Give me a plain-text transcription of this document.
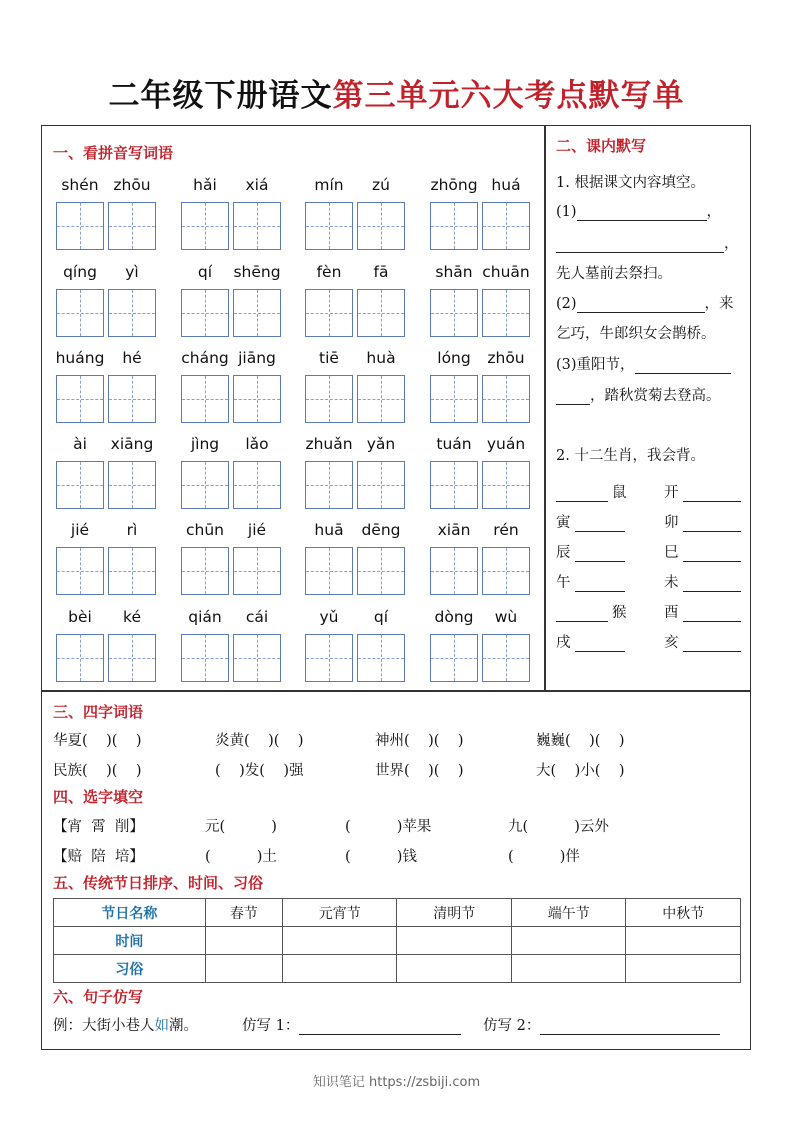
二年级下册语文第三单元六大考点默写单
一、看拼音写词语
shén zhōu	hǎi	xiá	mín	zú	zhōng huá
qíng	yì	qí	shēng	fèn	fā	shān chuān
huáng	hé	cháng jiāng	tiē	huà	lóng	zhōu
ài	xiāng	jìng	lǎo	zhuǎn yǎn	tuán yuán
jié	rì	chūn	jié	huā	dēng	xiān	rén
bèi	ké	qián	cái	yǔ	qí	dòng	wù
二、课内默写
1. 根据课文内容填空。
(1)	，
，
先人墓前去祭扫。
(2)	，来
乞巧，牛郎织女会鹊桥。
(3)重阳节，
，踏秋赏菊去登高。
2. 十二生肖，我会背。
鼠	开
寅	卯
辰	巳
午	未
猴	酉
戌	亥
三、四字词语
华夏(    )(    )	炎黄(    )(    )	神州(    )(    )	巍巍(    )(    )
民族(    )(    )	(    )发(    )强	世界(    )(    )	大(    )小(    )
四、选字填空
【宵  霄  削】	元(          )	(          )苹果	九(          )云外
【赔  陪  培】	(          )土	(          )钱	(          )伴
五、传统节日排序、时间、习俗
节日名称	春节	元宵节	清明节	端午节	中秋节
时间					
习俗					
六、句子仿写
例：大街小巷人如潮。	仿写 1：	仿写 2：
知识笔记 https://zsbiji.com
